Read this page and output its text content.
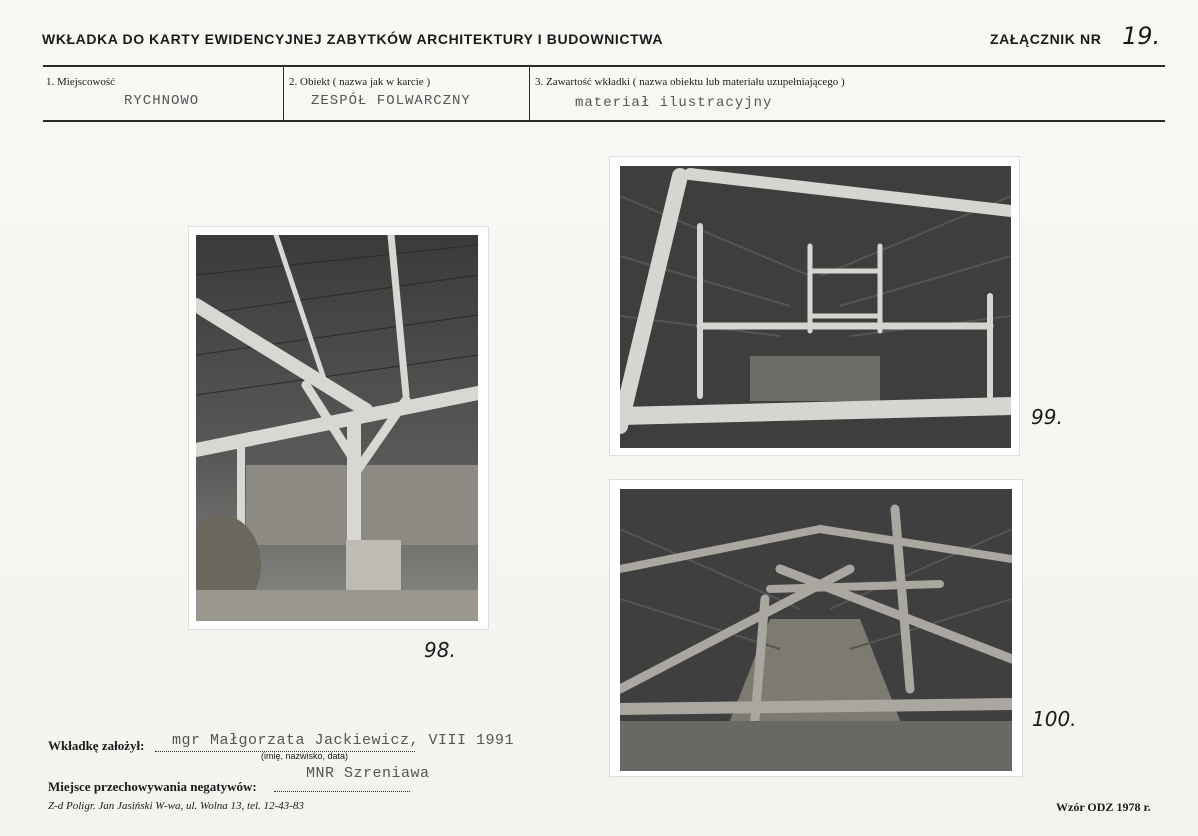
WKŁADKA DO KARTY EWIDENCYJNEJ ZABYTKÓW ARCHITEKTURY I BUDOWNICTWA	ZAŁĄCZNIK NR 19.
1. Miejscowość
RYCHNOWO
2. Obiekt ( nazwa jak w karcie )
ZESPÓŁ FOLWARCZNY
3. Zawartość wkładki ( nazwa obiektu lub materiału uzupełniającego )
materiał ilustracyjny
98.
99.
100.
Wkładkę założył: mgr Małgorzata Jackiewicz, VIII 1991
(imię, nazwisko, data)
MNR Szreniawa
Miejsce przechowywania negatywów:
Z-d Poligr. Jan Jasiński W-wa, ul. Wolna 13, tel. 12-43-83	Wzór ODZ 1978 r.
